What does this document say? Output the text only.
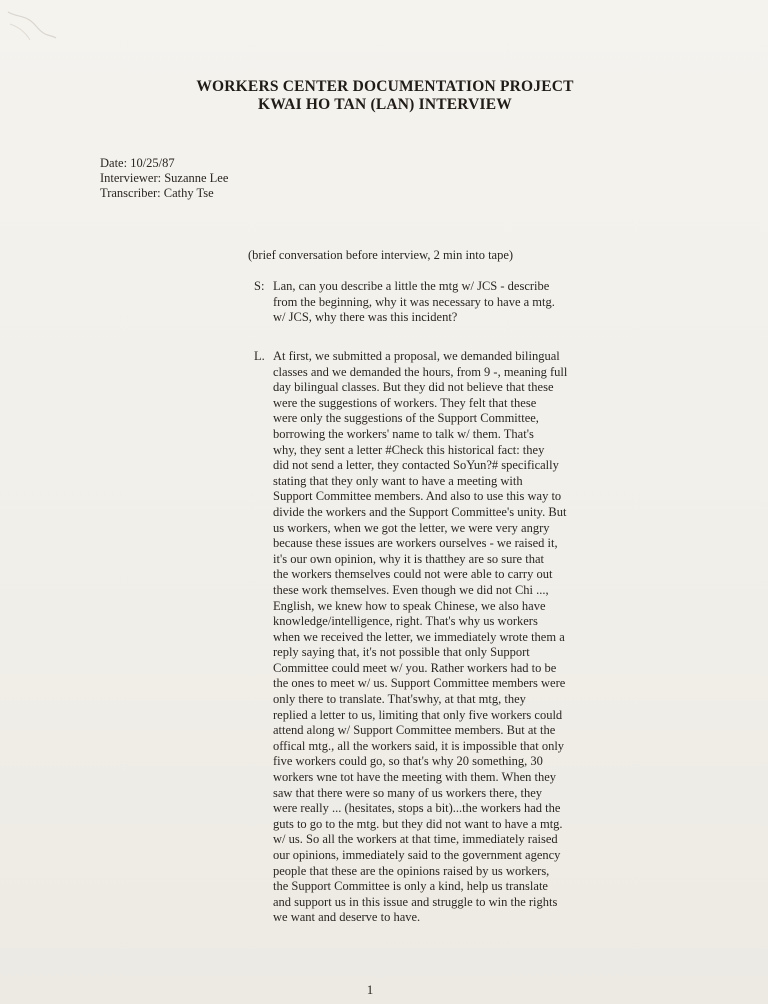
WORKERS CENTER DOCUMENTATION PROJECT
KWAI HO TAN (LAN) INTERVIEW
Date: 10/25/87
Interviewer: Suzanne Lee
Transcriber: Cathy Tse
(brief conversation before interview, 2 min into tape)
S: Lan, can you describe a little the mtg w/ JCS - describe
from the beginning, why it was necessary to have a mtg.
w/ JCS, why there was this incident?
L. At first, we submitted a proposal, we demanded bilingual
classes and we demanded the hours, from 9 -, meaning full
day bilingual classes. But they did not believe that these
were the suggestions of workers. They felt that these
were only the suggestions of the Support Committee,
borrowing the workers' name to talk w/ them. That's
why, they sent a letter #Check this historical fact: they
did not send a letter, they contacted SoYun?# specifically
stating that they only want to have a meeting with
Support Committee members. And also to use this way to
divide the workers and the Support Committee's unity. But
us workers, when we got the letter, we were very angry
because these issues are workers ourselves - we raised it,
it's our own opinion, why it is thatthey are so sure that
the workers themselves could not were able to carry out
these work themselves. Even though we did not Chi ...,
English, we knew how to speak Chinese, we also have
knowledge/intelligence, right. That's why us workers
when we received the letter, we immediately wrote them a
reply saying that, it's not possible that only Support
Committee could meet w/ you. Rather workers had to be
the ones to meet w/ us. Support Committee members were
only there to translate. That'swhy, at that mtg, they
replied a letter to us, limiting that only five workers could
attend along w/ Support Committee members. But at the
offical mtg., all the workers said, it is impossible that only
five workers could go, so that's why 20 something, 30
workers wne tot have the meeting with them. When they
saw that there were so many of us workers there, they
were really ... (hesitates, stops a bit)...the workers had the
guts to go to the mtg. but they did not want to have a mtg.
w/ us. So all the workers at that time, immediately raised
our opinions, immediately said to the government agency
people that these are the opinions raised by us workers,
the Support Committee is only a kind, help us translate
and support us in this issue and struggle to win the rights
we want and deserve to have.
1
